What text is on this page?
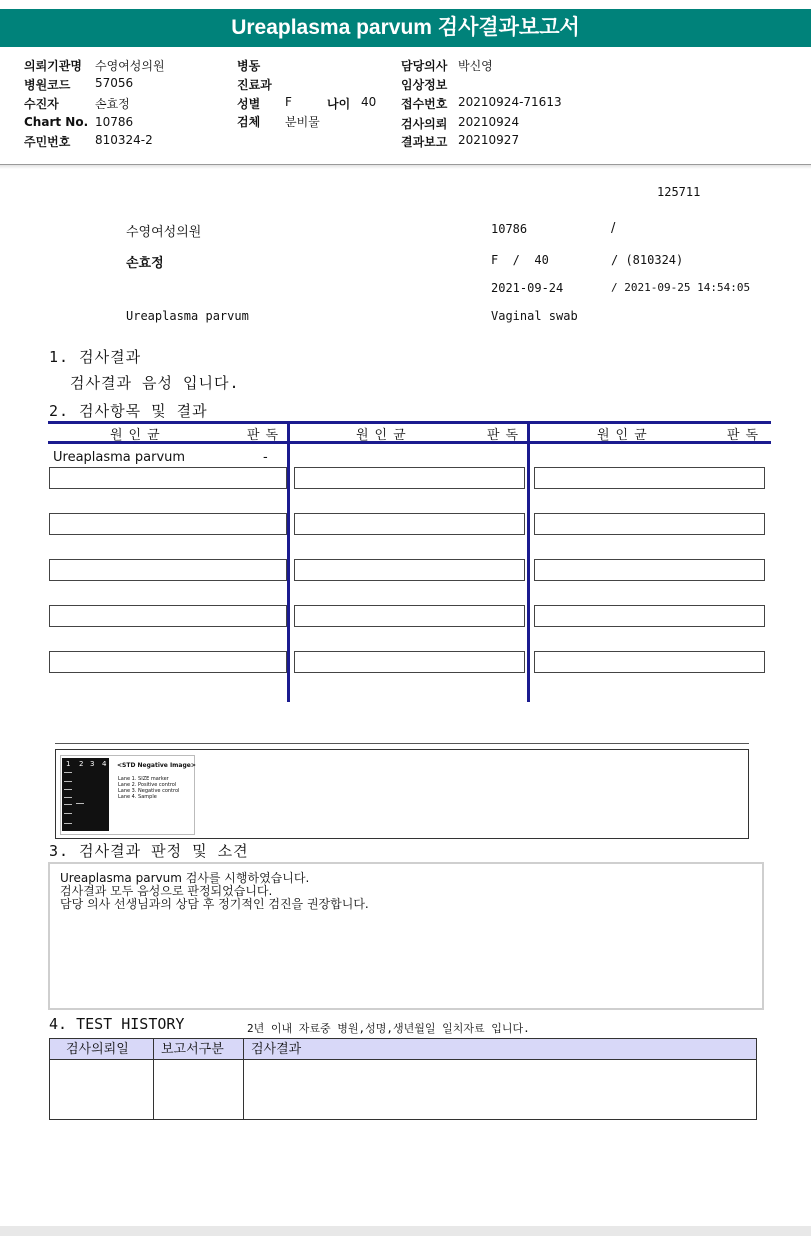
Ureaplasma parvum 검사결과보고서
의뢰기관명 수영여성의원
병원코드 57056
수진자	손효정
Chart No. 10786
주민번호 810324-2
병동
진료과
성별 F	나이 40
검체 분비물
담당의사 박신영
임상정보
접수번호 20210924-71613
검사의뢰 20210924
결과보고 20210927
125711
수영여성의원	10786	/
손효정	F  /  40	/ (810324)
2021-09-24	/ 2021-09-25 14:54:05
Ureaplasma parvum	Vaginal swab
1. 검사결과
검사결과 음성 입니다.
2. 검사항목 및 결과
원인균	판독	원인균	판독	원인균	판독
Ureaplasma parvum	-
1 2 3 4 <STD Negative Image>
Lane 1. SIZE marker
Lane 2. Positive control
Lane 3. Negative control
Lane 4. Sample
3. 검사결과 판정 및 소견
Ureaplasma parvum 검사를 시행하였습니다.
검사결과 모두 음성으로 판정되었습니다.
담당 의사 선생님과의 상담 후 정기적인 검진을 권장합니다.
4. TEST HISTORY	2년 이내 자료중 병원,성명,생년월일 일치자료 입니다.
검사의뢰일	보고서구분	검사결과
